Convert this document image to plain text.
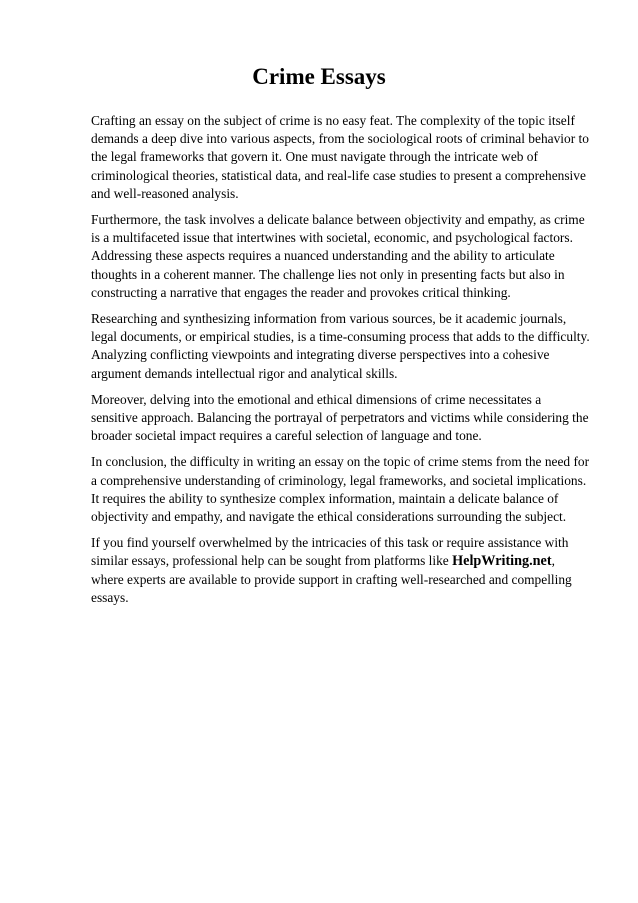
Crime Essays

Crafting an essay on the subject of crime is no easy feat. The complexity of the topic itself demands a deep dive into various aspects, from the sociological roots of criminal behavior to the legal frameworks that govern it. One must navigate through the intricate web of criminological theories, statistical data, and real-life case studies to present a comprehensive and well-reasoned analysis.

Furthermore, the task involves a delicate balance between objectivity and empathy, as crime is a multifaceted issue that intertwines with societal, economic, and psychological factors. Addressing these aspects requires a nuanced understanding and the ability to articulate thoughts in a coherent manner. The challenge lies not only in presenting facts but also in constructing a narrative that engages the reader and provokes critical thinking.

Researching and synthesizing information from various sources, be it academic journals, legal documents, or empirical studies, is a time-consuming process that adds to the difficulty. Analyzing conflicting viewpoints and integrating diverse perspectives into a cohesive argument demands intellectual rigor and analytical skills.

Moreover, delving into the emotional and ethical dimensions of crime necessitates a sensitive approach. Balancing the portrayal of perpetrators and victims while considering the broader societal impact requires a careful selection of language and tone.

In conclusion, the difficulty in writing an essay on the topic of crime stems from the need for a comprehensive understanding of criminology, legal frameworks, and societal implications. It requires the ability to synthesize complex information, maintain a delicate balance of objectivity and empathy, and navigate the ethical considerations surrounding the subject.

If you find yourself overwhelmed by the intricacies of this task or require assistance with similar essays, professional help can be sought from platforms like HelpWriting.net, where experts are available to provide support in crafting well-researched and compelling essays.
